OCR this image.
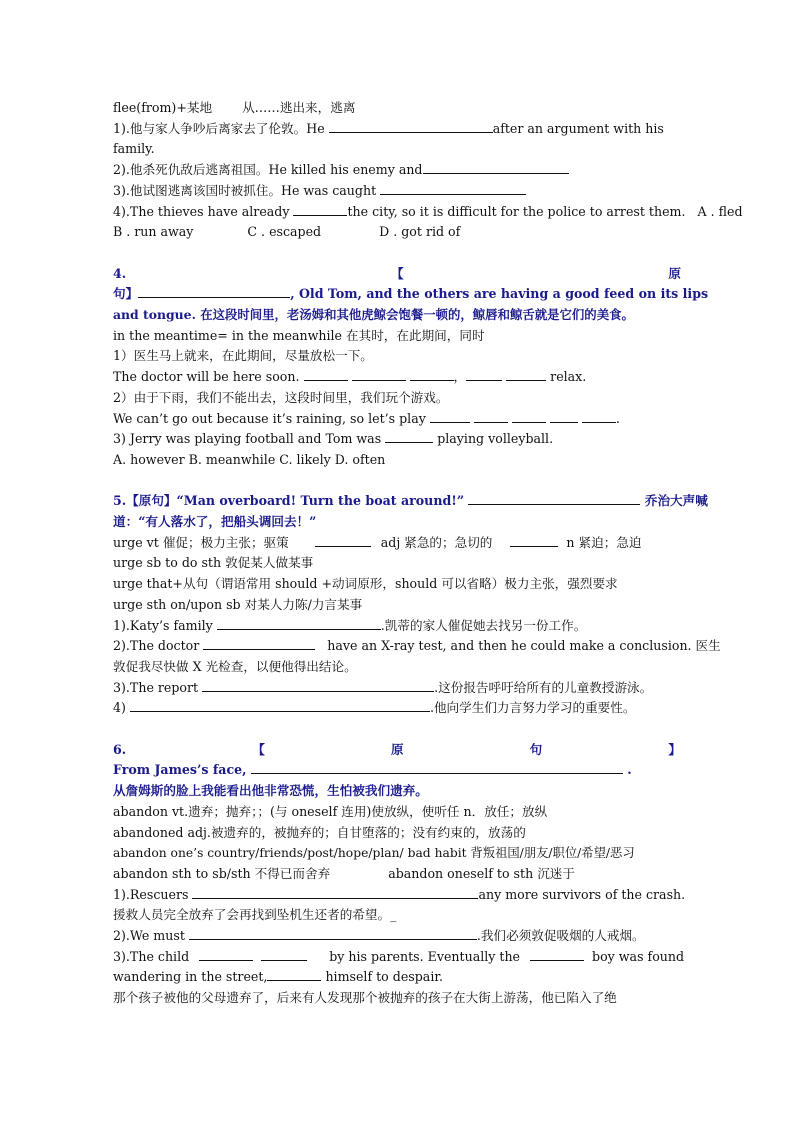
flee(from)+某地 从……逃出来，逃离
1).他与家人争吵后离家去了伦敦。He	after an argument with his
family.
2).他杀死仇敌后逃离祖国。He killed his enemy and
3).他试图逃离该国时被抓住。He was caught
4).The thieves have already	the city, so it is difficult for the police to arrest them. A . fled
B . run away	C . escaped	D . got rid of
4.	【	原
句】	, Old Tom, and the others are having a good feed on its lips
and tongue. 在这段时间里，老汤姆和其他虎鲸会饱餐一顿的，鲸唇和鲸舌就是它们的美食。
in the meantime= in the meanwhile 在其时，在此期间，同时
1）医生马上就来，在此期间，尽量放松一下。
The doctor will be here soon.	，	relax.
2）由于下雨，我们不能出去，这段时间里，我们玩个游戏。
We can’t go out because it’s raining, so let’s play	.
3) Jerry was playing football and Tom was	playing volleyball.
A. however B. meanwhile C. likely D. often
5.【原句】“Man overboard! Turn the boat around!”	乔治大声喊
道：“有人落水了，把船头调回去！”
urge vt 催促；极力主张；驱策	adj 紧急的；急切的	n 紧迫；急迫
urge sb to do sth 敦促某人做某事
urge that+从句（谓语常用 should +动词原形，should 可以省略）极力主张，强烈要求
urge sth on/upon sb 对某人力陈/力言某事
1).Katy’s family	.凯蒂的家人催促她去找另一份工作。
2).The doctor	have an X-ray test, and then he could make a conclusion. 医生
敦促我尽快做 X 光检查，以便他得出结论。
3).The report	.这份报告呼吁给所有的儿童教授游泳。
4)	.他向学生们力言努力学习的重要性。
6.	【	原	句	】
From James’s face,	.
从詹姆斯的脸上我能看出他非常恐慌，生怕被我们遗弃。
abandon vt.遗弃；抛弃；；(与 oneself 连用)使放纵，使听任 n．放任；放纵
abandoned adj.被遗弃的，被抛弃的；自甘堕落的；没有约束的，放荡的
abandon one’s country/friends/post/hope/plan/ bad habit 背叛祖国/朋友/职位/希望/恶习
abandon sth to sb/sth 不得已而舍弃	abandon oneself to sth 沉迷于
1).Rescuers	any more survivors of the crash.
援救人员完全放弃了会再找到坠机生还者的希望。_
2).We must	.我们必须敦促吸烟的人戒烟。
3).The child	by his parents. Eventually the	boy was found
wandering in the street,	himself to despair.
那个孩子被他的父母遗弃了，后来有人发现那个被抛弃的孩子在大街上游荡，他已陷入了绝
